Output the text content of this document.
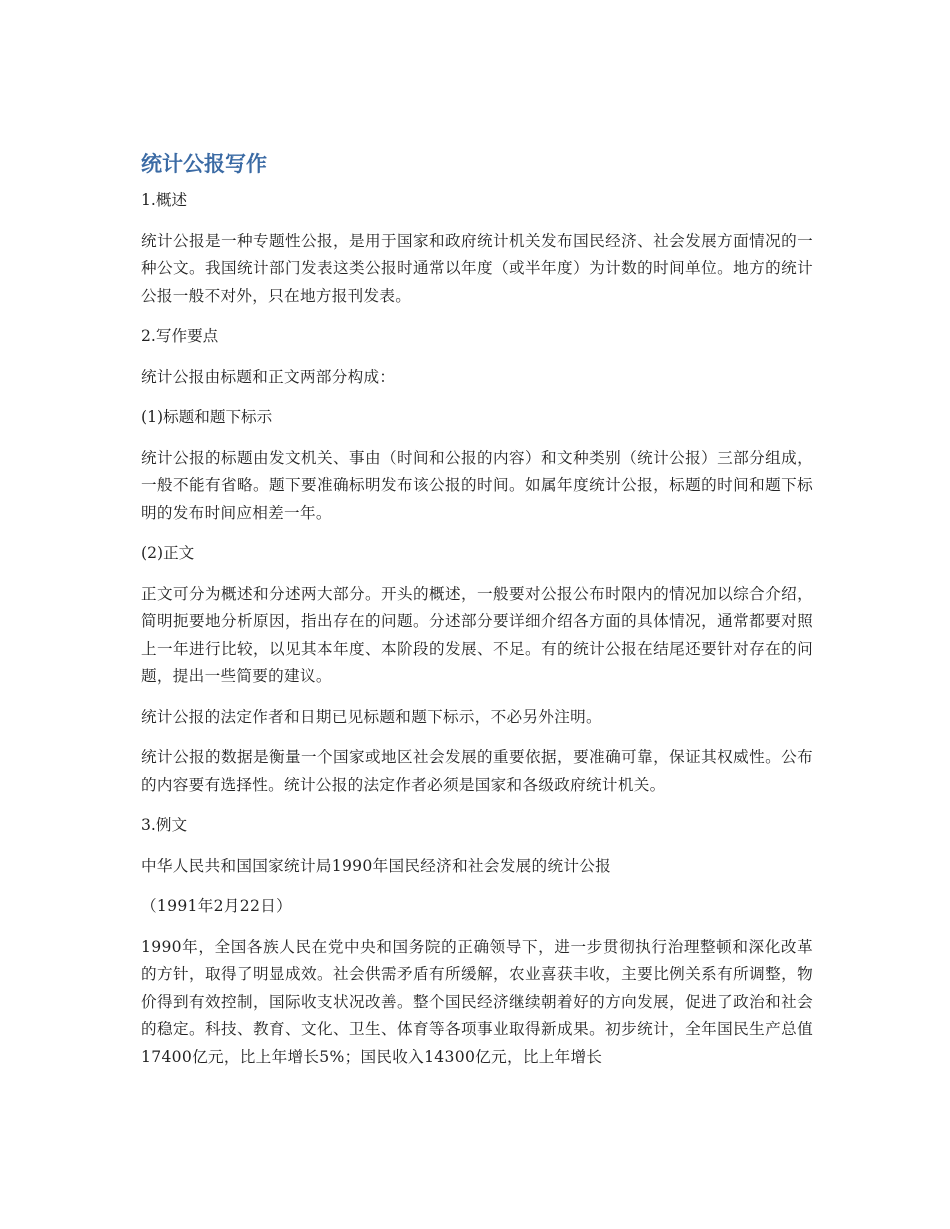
统计公报写作

1.概述

统计公报是一种专题性公报，是用于国家和政府统计机关发布国民经济、社会发展方面情况的一种公文。我国统计部门发表这类公报时通常以年度（或半年度）为计数的时间单位。地方的统计公报一般不对外，只在地方报刊发表。

2.写作要点

统计公报由标题和正文两部分构成：

(1)标题和题下标示

统计公报的标题由发文机关、事由（时间和公报的内容）和文种类别（统计公报）三部分组成，一般不能有省略。题下要准确标明发布该公报的时间。如属年度统计公报，标题的时间和题下标明的发布时间应相差一年。

(2)正文

正文可分为概述和分述两大部分。开头的概述，一般要对公报公布时限内的情况加以综合介绍，简明扼要地分析原因，指出存在的问题。分述部分要详细介绍各方面的具体情况，通常都要对照上一年进行比较，以见其本年度、本阶段的发展、不足。有的统计公报在结尾还要针对存在的问题，提出一些简要的建议。

统计公报的法定作者和日期已见标题和题下标示，不必另外注明。

统计公报的数据是衡量一个国家或地区社会发展的重要依据，要准确可靠，保证其权威性。公布的内容要有选择性。统计公报的法定作者必须是国家和各级政府统计机关。

3.例文

中华人民共和国国家统计局1990年国民经济和社会发展的统计公报

（1991年2月22日）

1990年，全国各族人民在党中央和国务院的正确领导下，进一步贯彻执行治理整顿和深化改革的方针，取得了明显成效。社会供需矛盾有所缓解，农业喜获丰收，主要比例关系有所调整，物价得到有效控制，国际收支状况改善。整个国民经济继续朝着好的方向发展，促进了政治和社会的稳定。科技、教育、文化、卫生、体育等各项事业取得新成果。初步统计，全年国民生产总值17400亿元，比上年增长5%；国民收入14300亿元，比上年增长
